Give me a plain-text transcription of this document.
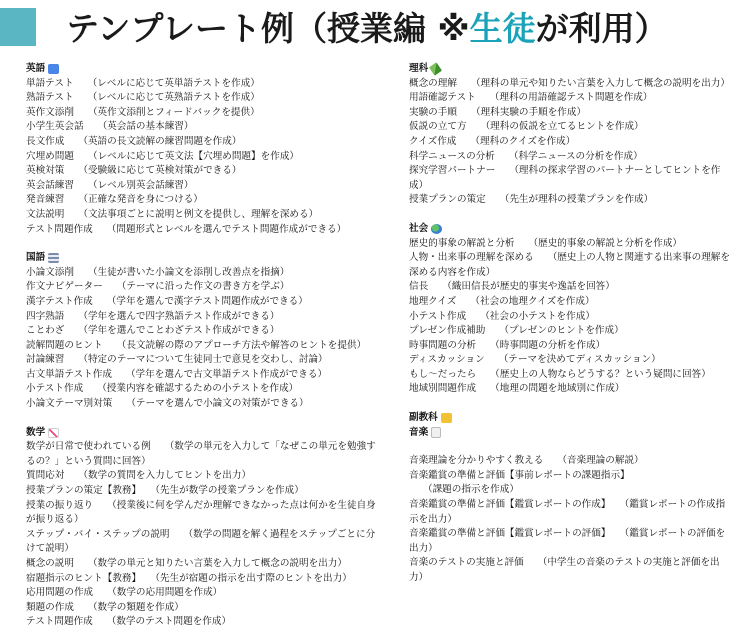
テンプレート例（授業編 ※生徒が利用）
英語
単語テスト （レベルに応じて英単語テストを作成）
熟語テスト （レベルに応じて英熟語テストを作成）
英作文添削 （英作文添削とフィードバックを提供）
小学生英会話 （英会話の基本練習）
長文作成 （英語の長文読解の練習問題を作成）
穴埋め問題 （レベルに応じて英文法【穴埋め問題】を作成）
英検対策 （受験級に応じて英検対策ができる）
英会話練習 （レベル別英会話練習）
発音練習 （正確な発音を身につける）
文法説明 （文法事項ごとに説明と例文を提供し、理解を深める）
テスト問題作成 （問題形式とレベルを選んでテスト問題作成ができる）
国語
小論文添削 （生徒が書いた小論文を添削し改善点を指摘）
作文ナビゲーター （テーマに沿った作文の書き方を学ぶ）
漢字テスト作成 （学年を選んで漢字テスト問題作成ができる）
四字熟語 （学年を選んで四字熟語テスト作成ができる）
ことわざ （学年を選んでことわざテスト作成ができる）
読解問題のヒント （長文読解の際のアプローチ方法や解答のヒントを提供）
討論練習 （特定のテーマについて生徒同士で意見を交わし、討論）
古文単語テスト作成 （学年を選んで古文単語テスト作成ができる）
小テスト作成 （授業内容を確認するための小テストを作成）
小論文テーマ別対策 （テーマを選んで小論文の対策ができる）
数学
数学が日常で使われている例 （数学の単元を入力して「なぜこの単元を勉強するの？」という質問に回答）
質問応対 （数学の質問を入力してヒントを出力）
授業プランの策定【教務】 （先生が数学の授業プランを作成）
授業の振り返り （授業後に何を学んだか理解できなかった点は何かを生徒自身が振り返る）
ステップ・バイ・ステップの説明 （数学の問題を解く過程をステップごとに分けて説明）
概念の説明 （数学の単元と知りたい言葉を入力して概念の説明を出力）
宿題指示のヒント【教務】 （先生が宿題の指示を出す際のヒントを出力）
応用問題の作成 （数学の応用問題を作成）
類題の作成 （数学の類題を作成）
テスト問題作成 （数学のテスト問題を作成）
理科
概念の理解 （理科の単元や知りたい言葉を入力して概念の説明を出力）
用語確認テスト （理科の用語確認テスト問題を作成）
実験の手順 （理科実験の手順を作成）
仮説の立て方 （理科の仮説を立てるヒントを作成）
クイズ作成 （理科のクイズを作成）
科学ニュースの分析 （科学ニュースの分析を作成）
探究学習パートナー （理科の探求学習のパートナーとしてヒントを作成）
授業プランの策定 （先生が理科の授業プランを作成）
社会
歴史的事象の解説と分析 （歴史的事象の解説と分析を作成）
人物・出来事の理解を深める （歴史上の人物と関連する出来事の理解を深める内容を作成）
信長 （織田信長が歴史的事実や逸話を回答）
地理クイズ （社会の地理クイズを作成）
小テスト作成 （社会の小テストを作成）
プレゼン作成補助 （プレゼンのヒントを作成）
時事問題の分析 （時事問題の分析を作成）
ディスカッション （テーマを決めてディスカッション）
もし〜だったら （歴史上の人物ならどうする？という疑問に回答）
地域別問題作成 （地理の問題を地域別に作成）
副教科
音楽
音楽理論を分かりやすく教える （音楽理論の解説）
音楽鑑賞の準備と評価【事前レポートの課題指示】（課題の指示を作成）
音楽鑑賞の準備と評価【鑑賞レポートの作成】 （鑑賞レポートの作成指示を出力）
音楽鑑賞の準備と評価【鑑賞レポートの評価】 （鑑賞レポートの評価を出力）
音楽のテストの実施と評価 （中学生の音楽のテストの実施と評価を出力）
